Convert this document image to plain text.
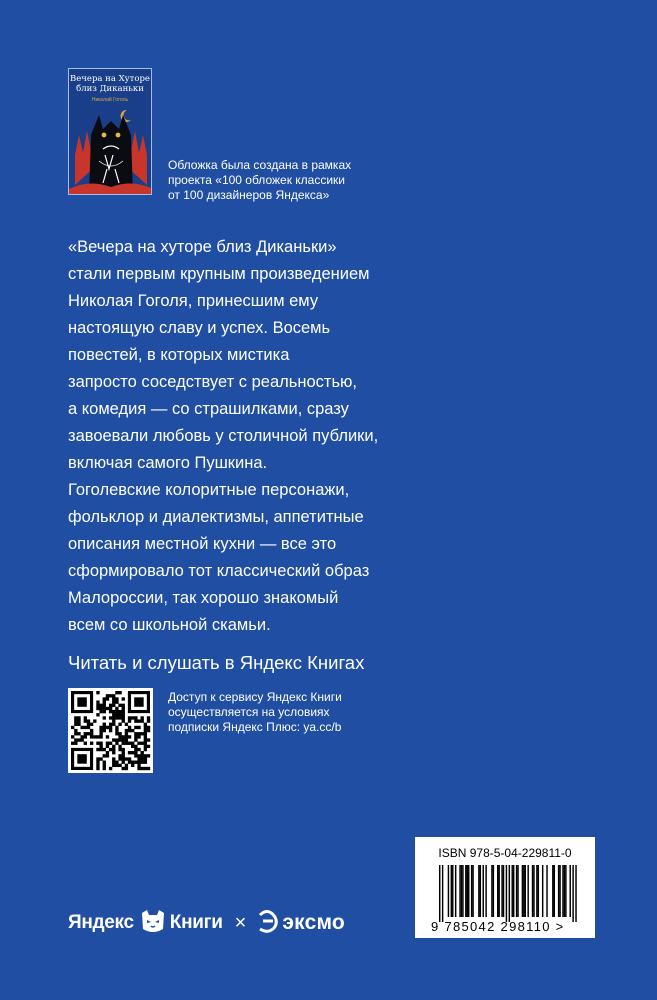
Вечера на Хуторе
близ Диканьки
Николай Гоголь
Обложка была создана в рамках
проекта «100 обложек классики
от 100 дизайнеров Яндекса»
«Вечера на хуторе близ Диканьки»
стали первым крупным произведением
Николая Гоголя, принесшим ему
настоящую славу и успех. Восемь
повестей, в которых мистика
запросто соседствует с реальностью,
а комедия — со страшилками, сразу
завоевали любовь у столичной публики,
включая самого Пушкина.
Гоголевские колоритные персонажи,
фольклор и диалектизмы, аппетитные
описания местной кухни — все это
сформировало тот классический образ
Малороссии, так хорошо знакомый
всем со школьной скамьи.
Читать и слушать в Яндекс Книгах
Доступ к сервису Яндекс Книги
осуществляется на условиях
подписки Яндекс Плюс: ya.cc/b
ISBN 978-5-04-229811-0
9 785042 298110 >
Яндекс Книги × эксмо
